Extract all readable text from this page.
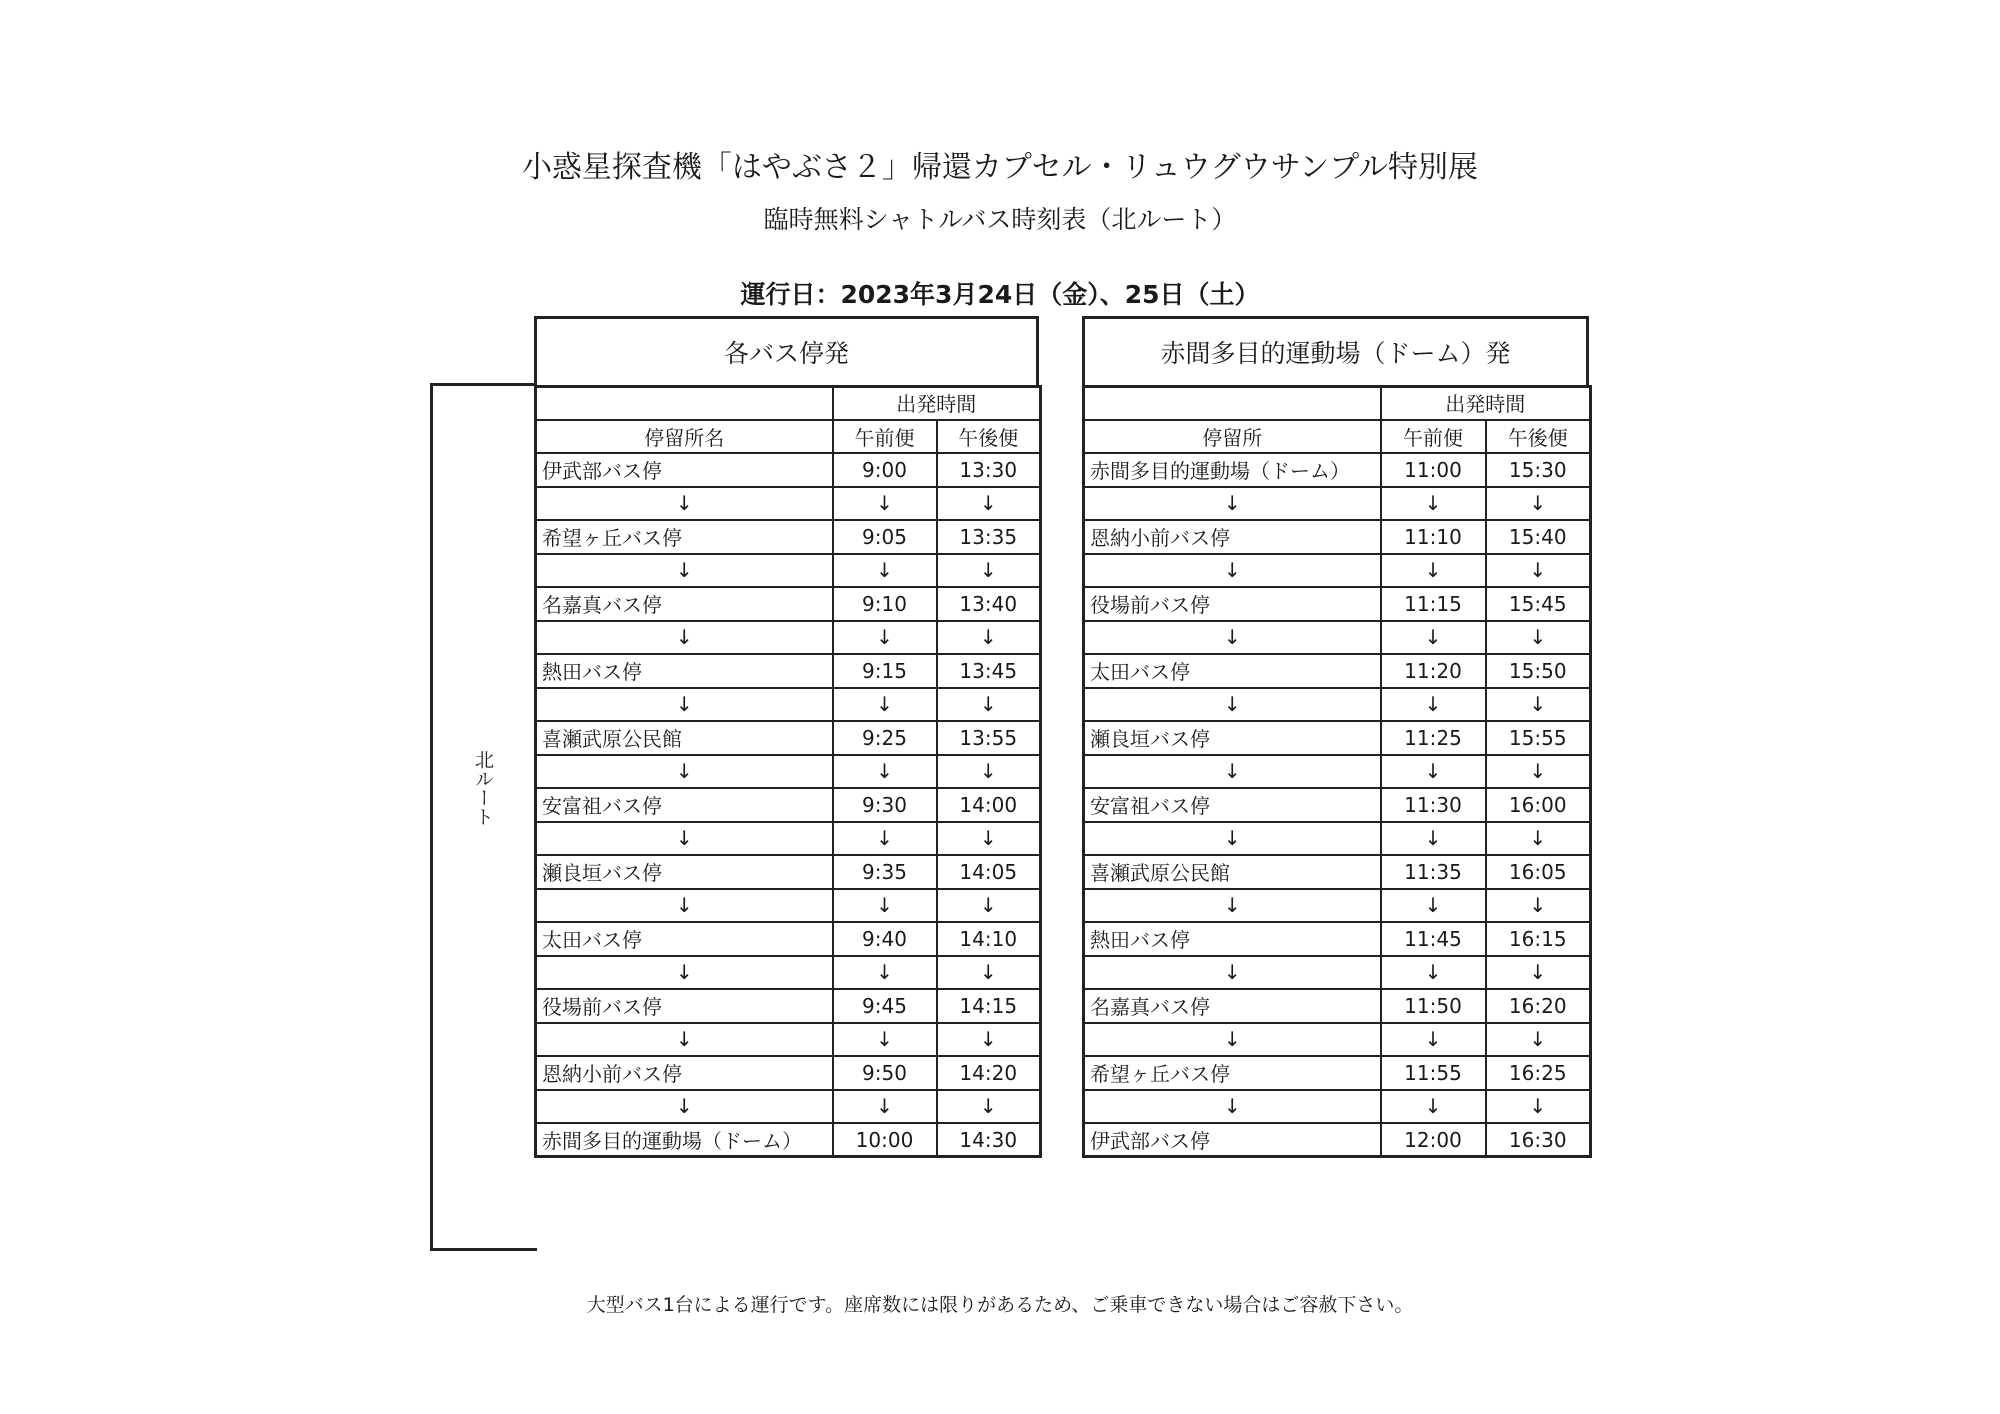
小惑星探査機「はやぶさ２」帰還カプセル・リュウグウサンプル特別展
臨時無料シャトルバス時刻表（北ルート）
運行日：2023年3月24日（金）、25日（土）
各バス停発	赤間多目的運動場（ドーム）発
北ルート
	出発時間	
停留所名	午前便	午後便
伊武部バス停	9:00	13:30
↓	↓	↓
希望ヶ丘バス停	9:05	13:35
↓	↓	↓
名嘉真バス停	9:10	13:40
↓	↓	↓
熱田バス停	9:15	13:45
↓	↓	↓
喜瀬武原公民館	9:25	13:55
↓	↓	↓
安富祖バス停	9:30	14:00
↓	↓	↓
瀬良垣バス停	9:35	14:05
↓	↓	↓
太田バス停	9:40	14:10
↓	↓	↓
役場前バス停	9:45	14:15
↓	↓	↓
恩納小前バス停	9:50	14:20
↓	↓	↓
赤間多目的運動場（ドーム）	10:00	14:30
	出発時間	
停留所	午前便	午後便
赤間多目的運動場（ドーム）	11:00	15:30
↓	↓	↓
恩納小前バス停	11:10	15:40
↓	↓	↓
役場前バス停	11:15	15:45
↓	↓	↓
太田バス停	11:20	15:50
↓	↓	↓
瀬良垣バス停	11:25	15:55
↓	↓	↓
安富祖バス停	11:30	16:00
↓	↓	↓
喜瀬武原公民館	11:35	16:05
↓	↓	↓
熱田バス停	11:45	16:15
↓	↓	↓
名嘉真バス停	11:50	16:20
↓	↓	↓
希望ヶ丘バス停	11:55	16:25
↓	↓	↓
伊武部バス停	12:00	16:30
大型バス1台による運行です。座席数には限りがあるため、ご乗車できない場合はご容赦下さい。
